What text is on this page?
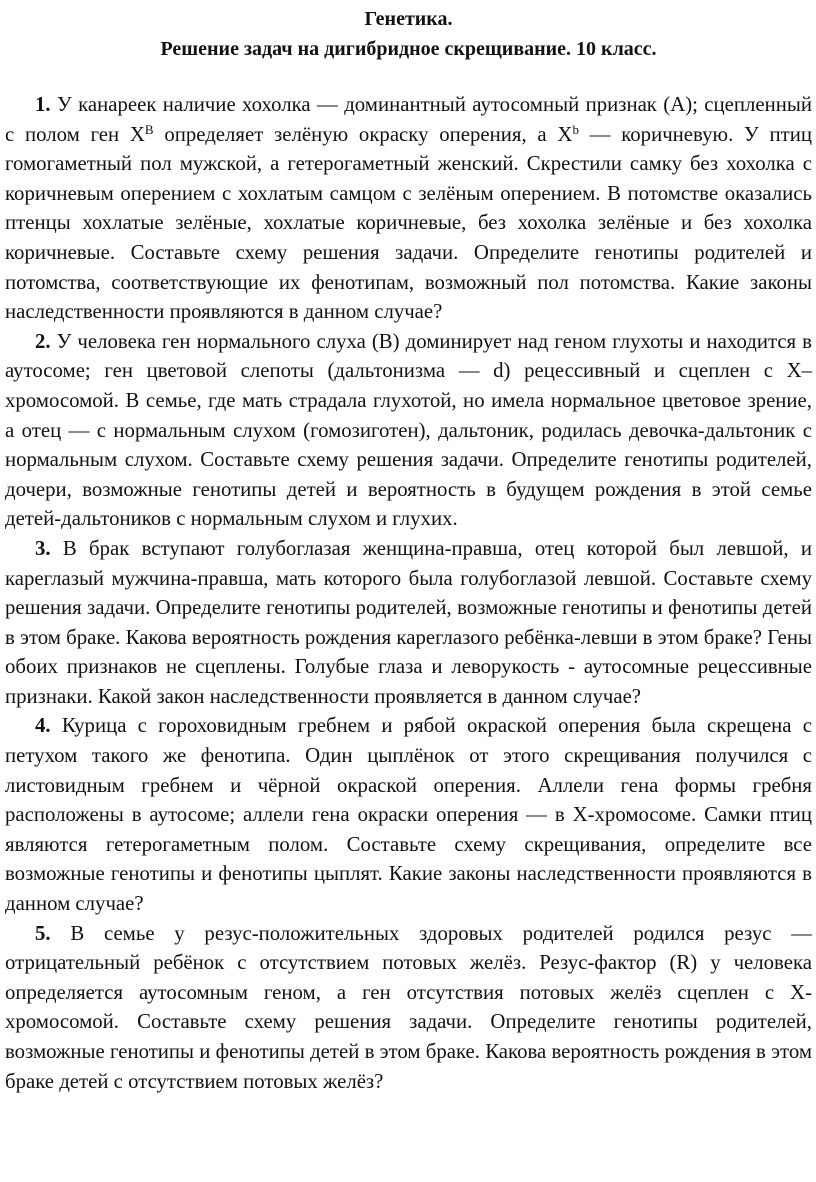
Генетика.
Решение задач на дигибридное скрещивание. 10 класс.

1. У канареек наличие хохолка — доминантный аутосомный признак (А); сцепленный с полом ген $Х^В$ определяет зелёную окраску оперения, а $Х^b$ — коричневую. У птиц гомогаметный пол мужской, а гетерогаметный женский. Скрестили самку без хохолка с коричневым оперением с хохлатым самцом с зелёным оперением. В потомстве оказались птенцы хохлатые зелёные, хохлатые коричневые, без хохолка зелёные и без хохолка коричневые. Составьте схему решения задачи. Определите генотипы родителей и потомства, соответствующие их фенотипам, возможный пол потомства. Какие законы наследственности проявляются в данном случае?

2. У человека ген нормального слуха (В) доминирует над геном глухоты и находится в аутосоме; ген цветовой слепоты (дальтонизма — d) рецессивный и сцеплен с Х–хромосомой. В семье, где мать страдала глухотой, но имела нормальное цветовое зрение, а отец — с нормальным слухом (гомозиготен), дальтоник, родилась девочка-дальтоник с нормальным слухом. Составьте схему решения задачи. Определите генотипы родителей, дочери, возможные генотипы детей и вероятность в будущем рождения в этой семье детей-дальтоников с нормальным слухом и глухих.

3. В брак вступают голубоглазая женщина-правша, отец которой был левшой, и кареглазый мужчина-правша, мать которого была голубоглазой левшой. Составьте схему решения задачи. Определите генотипы родителей, возможные генотипы и фенотипы детей в этом браке. Какова вероятность рождения кареглазого ребёнка-левши в этом браке? Гены обоих признаков не сцеплены. Голубые глаза и леворукость - аутосомные рецессивные признаки. Какой закон наследственности проявляется в данном случае?

4. Курица с гороховидным гребнем и рябой окраской оперения была скрещена с петухом такого же фенотипа. Один цыплёнок от этого скрещивания получился с листовидным гребнем и чёрной окраской оперения. Аллели гена формы гребня расположены в аутосоме; аллели гена окраски оперения — в Х-хромосоме. Самки птиц являются гетерогаметным полом. Составьте схему скрещивания, определите все возможные генотипы и фенотипы цыплят. Какие законы наследственности проявляются в данном случае?

5. В семье у резус-положительных здоровых родителей родился резус — отрицательный ребёнок с отсутствием потовых желёз. Резус-фактор (R) у человека определяется аутосомным геном, а ген отсутствия потовых желёз сцеплен с Х-хромосомой. Составьте схему решения задачи. Определите генотипы родителей, возможные генотипы и фенотипы детей в этом браке. Какова вероятность рождения в этом браке детей с отсутствием потовых желёз?
